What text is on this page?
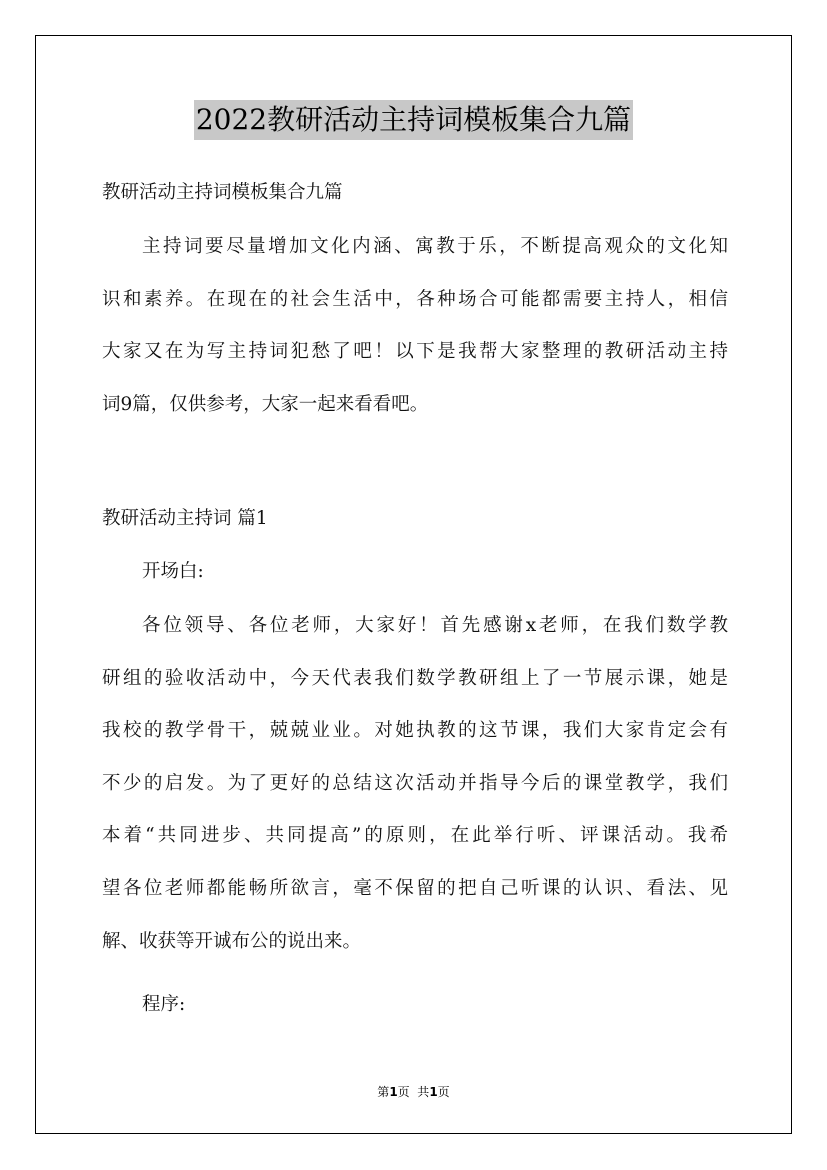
2022教研活动主持词模板集合九篇
教研活动主持词模板集合九篇
主持词要尽量增加文化内涵、寓教于乐，不断提高观众的文化知
识和素养。在现在的社会生活中，各种场合可能都需要主持人，相信
大家又在为写主持词犯愁了吧！以下是我帮大家整理的教研活动主持
词9篇，仅供参考，大家一起来看看吧。
教研活动主持词 篇1
开场白:
各位领导、各位老师，大家好！首先感谢x老师，在我们数学教
研组的验收活动中，今天代表我们数学教研组上了一节展示课，她是
我校的教学骨干，兢兢业业。对她执教的这节课，我们大家肯定会有
不少的启发。为了更好的总结这次活动并指导今后的课堂教学，我们
本着“共同进步、共同提高”的原则，在此举行听、评课活动。我希
望各位老师都能畅所欲言，毫不保留的把自己听课的认识、看法、见
解、收获等开诚布公的说出来。
程序:
第1页  共1页
